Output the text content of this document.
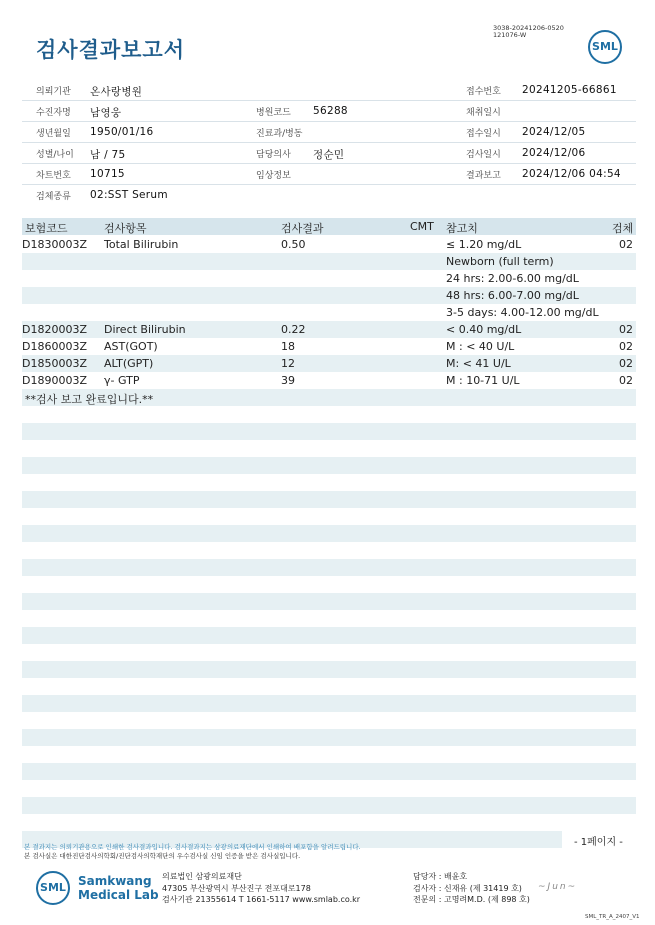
검사결과보고서
3038-20241206-0520
121076-W
SML
의뢰기관 온사랑병원	접수번호 20241205-66861
수진자명 남영웅	병원코드 56288	채취일시
생년월일 1950/01/16	진료과/병동	접수일시 2024/12/05
성별/나이 남 / 75	담당의사 정순민	검사일시 2024/12/06
차트번호 10715	임상정보	결과보고 2024/12/06 04:54
검체종류 02:SST Serum
보험코드	검사항목	검사결과	CMT 참고치	검체
D1830003Z Total Bilirubin	0.50	≤ 1.20 mg/dL	02
Newborn (full term)
24 hrs: 2.00-6.00 mg/dL
48 hrs: 6.00-7.00 mg/dL
3-5 days: 4.00-12.00 mg/dL
D1820003Z Direct Bilirubin	0.22	< 0.40 mg/dL	02
D1860003Z AST(GOT)	18	M : < 40 U/L	02
D1850003Z ALT(GPT)	12	M: < 41 U/L	02
D1890003Z γ- GTP	39	M : 10-71 U/L	02
**검사 보고 완료입니다.**
본 결과지는 의뢰기관용으로 인쇄한 검사결과입니다. 검사결과지는 삼광의료재단에서 인쇄하여 배포함을 알려드립니다.
본 검사실은 대한진단검사의학회/진단검사의학재단의 우수검사실 신임 인증을 받은 검사실입니다.
- 1페이지 -
SML	Samkwang
Medical Lab
의료법인 삼광의료재단
47305 부산광역시 부산진구 전포대로178
검사기관 21355614 T 1661-5117 www.smlab.co.kr
담당자 : 배윤호
검사자 : 신재유 (제 31419 호)
전문의 : 고명려M.D. (제 898 호)
~Jun~
SML_TR_A_2407_V1
